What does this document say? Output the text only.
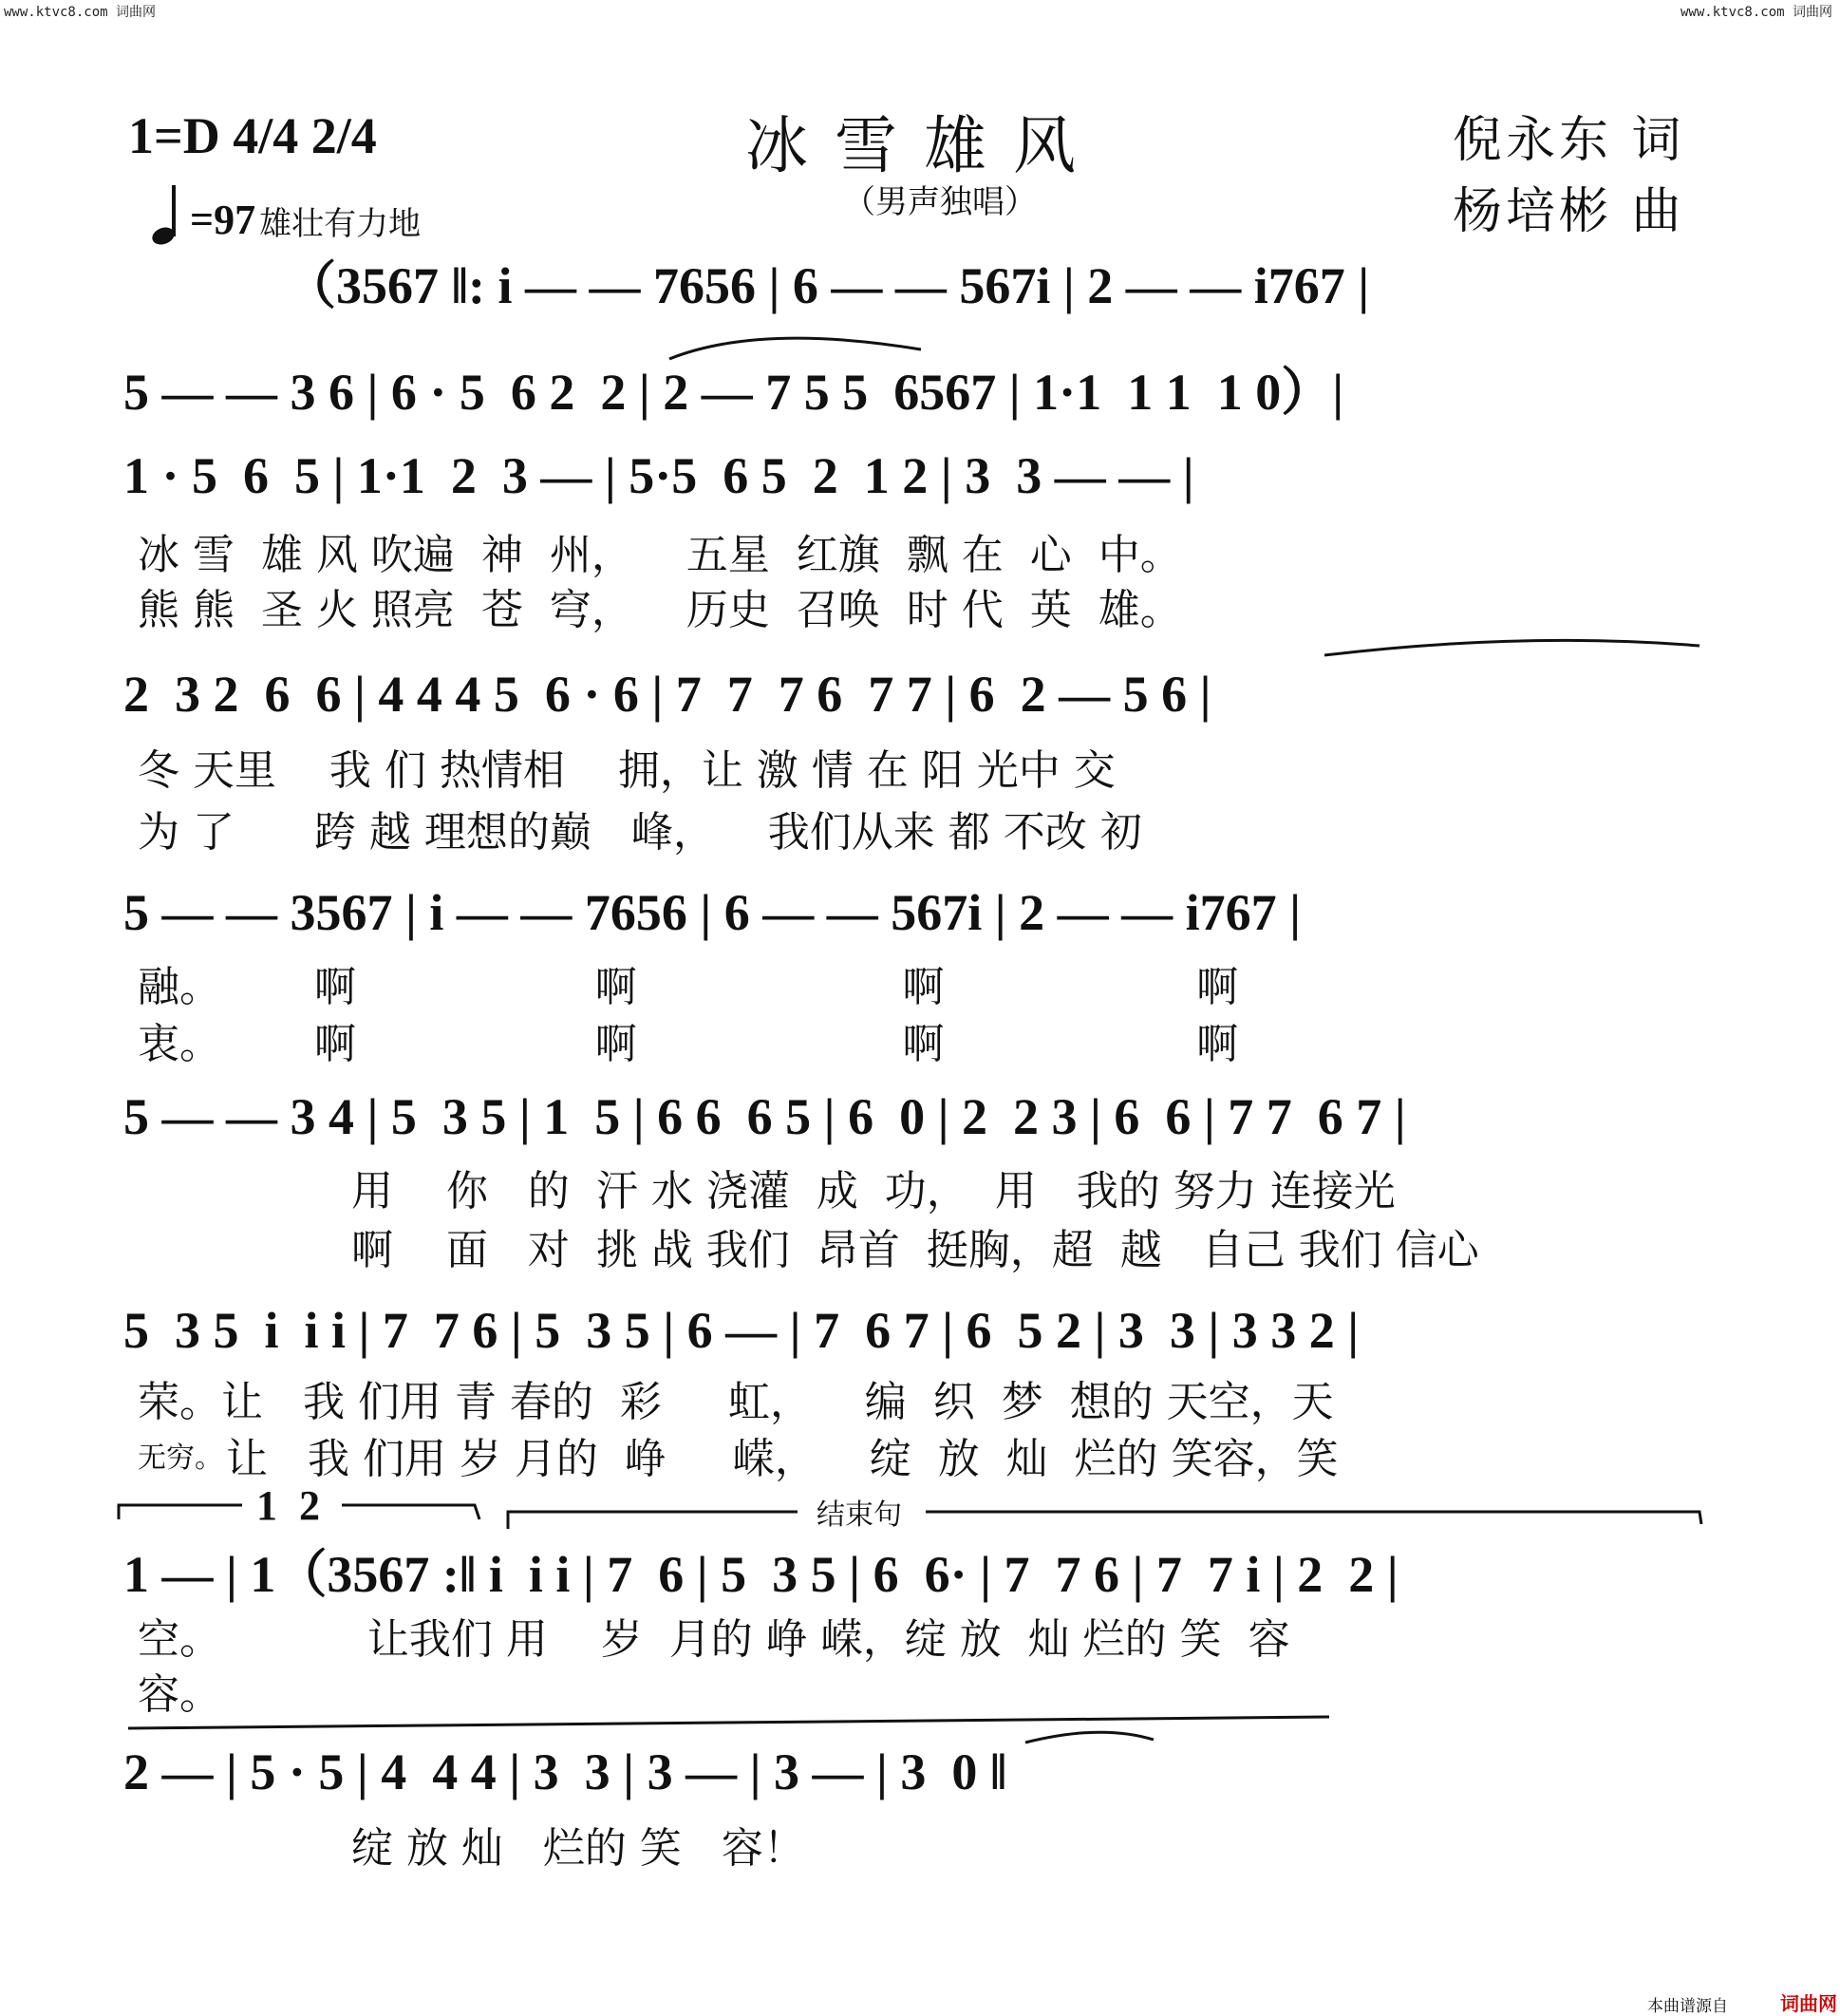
www.ktvc8.com 词曲网	www.ktvc8.com 词曲网
1=D 4/4 2/4
=97 雄壮有力地
冰雪雄风
（男声独唱）
倪永东 词
杨培彬 曲
（3567 ‖: i — — 7656 | 6 — — 567i | 2 — — i767 |
5 — — 3 6 | 6 · 5  6 2  2 | 2 — 7 5 5  6567 | 1·1  1 1  1 0）|
1 · 5  6  5 | 1·1  2  3 — | 5·5  6 5  2  1 2 | 3  3 — — |
冰 雪  雄 风 吹遍  神  州，    五星  红旗  飘 在  心  中。
熊 熊  圣 火 照亮  苍  穹，    历史  召唤  时 代  英  雄。
2  3 2  6  6 | 4 4 4 5  6 · 6 | 7  7  7 6  7 7 | 6  2 — 5 6 |
冬 天里    我 们 热情相    拥，让 激 情 在 阳 光中 交
为 了      跨 越 理想的巅   峰，    我们从来 都 不改 初
5 — — 3567 | i — — 7656 | 6 — — 567i | 2 — — i767 |
融。       啊                  啊                    啊                   啊
衷。       啊                  啊                    啊                   啊
5 — — 3 4 | 5  3 5 | 1  5 | 6 6  6 5 | 6  0 | 2  2 3 | 6  6 | 7 7  6 7 |
用    你   的  汗 水 浇灌  成  功，  用   我的 努力 连接光
啊    面   对  挑 战 我们  昂首  挺胸，超  越   自己 我们 信心
5  3 5  i  i i | 7  7 6 | 5  3 5 | 6 — | 7  6 7 | 6  5 2 | 3  3 | 3 3 2 |
荣。让   我 们用 青 春的  彩     虹，    编  织  梦  想的 天空，天
无穷。 让   我 们用 岁 月的  峥     嵘，    绽  放  灿  烂的 笑容，笑
1 2	结束句
1 — | 1（3567 :‖ i  i i | 7  6 | 5  3 5 | 6  6· | 7  7 6 | 7  7 i | 2  2 |
空。           让我们 用    岁  月的 峥 嵘，绽 放  灿 烂的 笑  容
容。
2 — | 5 · 5 | 4  4 4 | 3  3 | 3 — | 3 — | 3  0 ‖
绽 放 灿   烂的 笑   容！
本曲谱源自	词曲网
